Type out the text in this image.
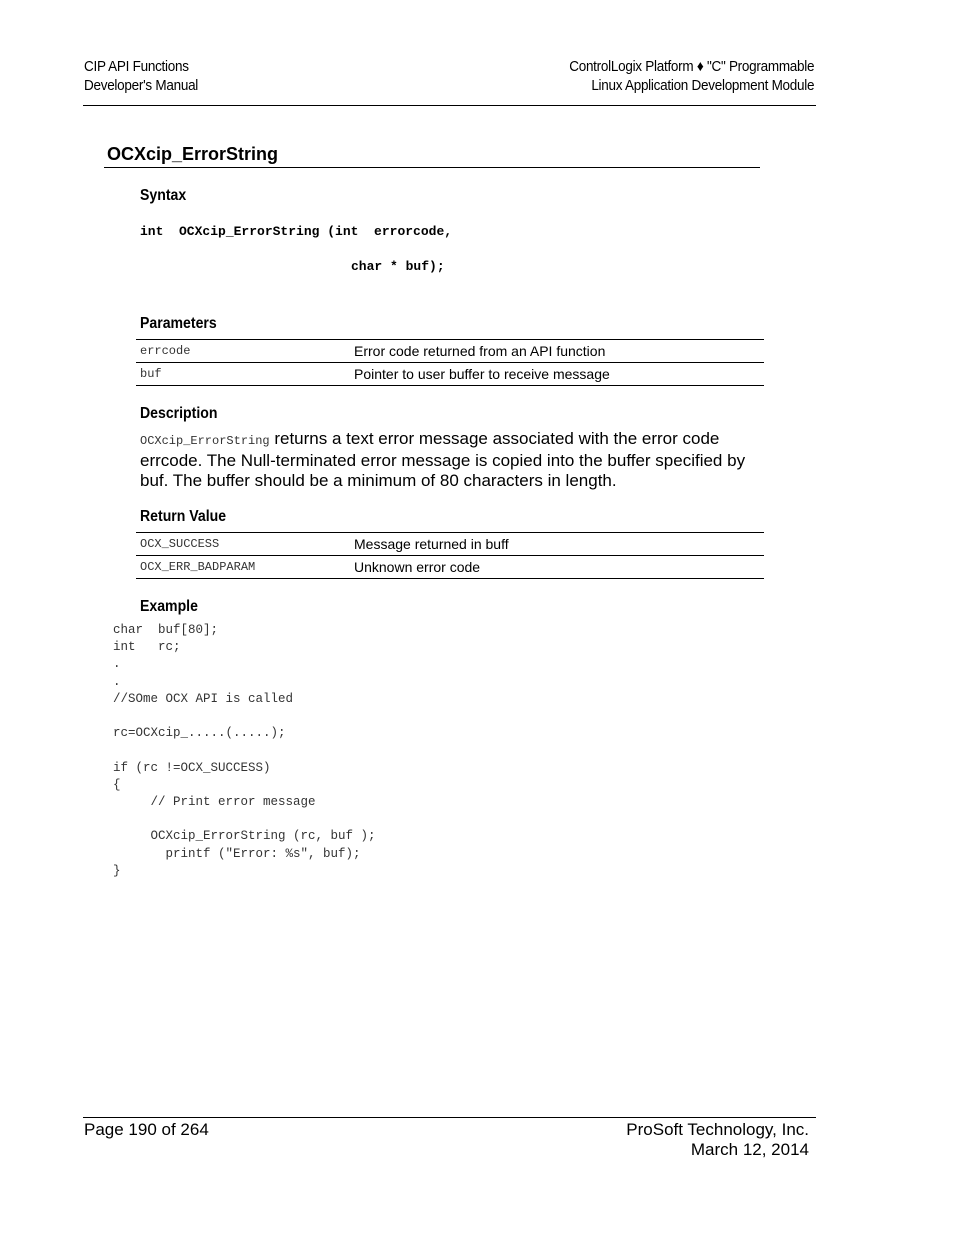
CIP API Functions
Developer's Manual
ControlLogix Platform ♦ "C" Programmable
Linux Application Development Module
OCXcip_ErrorString
Syntax
int  OCXcip_ErrorString (int  errorcode,
char * buf);
Parameters
errcode	Error code returned from an API function
buf	Pointer to user buffer to receive message
Description
OCXcip_ErrorString returns a text error message associated with the error code errcode. The Null-terminated error message is copied into the buffer specified by buf. The buffer should be a minimum of 80 characters in length.
Return Value
OCX_SUCCESS	Message returned in buff
OCX_ERR_BADPARAM	Unknown error code
Example
char  buf[80];
int   rc;
.
.
//SOme OCX API is called

rc=OCXcip_.....(.....);

if (rc !=OCX_SUCCESS)
{
// Print error message

OCXcip_ErrorString (rc, buf );
printf ("Error: %s", buf);
}
Page 190 of 264	ProSoft Technology, Inc.
March 12, 2014
